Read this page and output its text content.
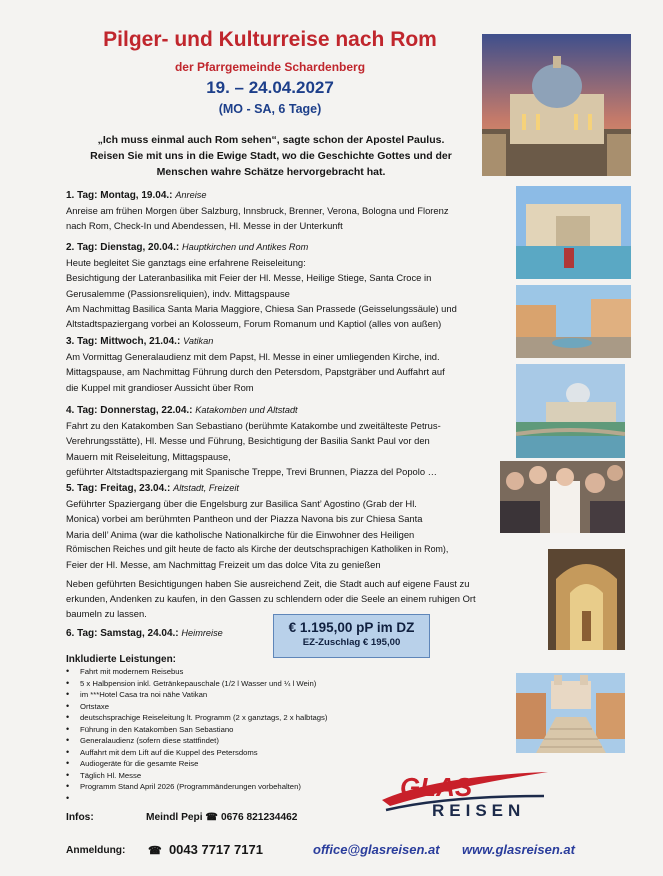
Pilger- und Kulturreise nach Rom
der Pfarrgemeinde Schardenberg
19. – 24.04.2027
(MO - SA, 6 Tage)
„Ich muss einmal auch Rom sehen“, sagte schon der Apostel Paulus.
Reisen Sie mit uns in die Ewige Stadt, wo die Geschichte Gottes und der
Menschen wahre Schätze hervorgebracht hat.
1. Tag: Montag, 19.04.: Anreise

Anreise am frühen Morgen über Salzburg, Innsbruck, Brenner, Verona, Bologna und Florenz

nach Rom, Check-In und Abendessen, Hl. Messe in der Unterkunft

2. Tag: Dienstag, 20.04.: Hauptkirchen und Antikes Rom

Heute begleitet Sie ganztags eine erfahrene Reiseleitung:

Besichtigung der Lateranbasilika mit Feier der Hl. Messe, Heilige Stiege, Santa Croce in

Gerusalemme (Passionsreliquien), indv. Mittagspause

Am Nachmittag Basilica Santa Maria Maggiore, Chiesa San Prassede (Geisselungssäule) und

Altstadtspaziergang vorbei an Kolosseum, Forum Romanum und Kaptiol (alles von außen)

3. Tag: Mittwoch, 21.04.: Vatikan

Am Vormittag Generalaudienz mit dem Papst, Hl. Messe in einer umliegenden Kirche, ind.

Mittagspause, am Nachmittag Führung durch den Petersdom, Papstgräber und Auffahrt auf

die Kuppel mit grandioser Aussicht über Rom

4. Tag: Donnerstag, 22.04.: Katakomben und Altstadt

Fahrt zu den Katakomben San Sebastiano (berühmte Katakombe und zweitälteste Petrus-

Verehrungsstätte), Hl. Messe und Führung, Besichtigung der Basilia Sankt Paul vor den

Mauern mit Reiseleitung, Mittagspause,

geführter Altstadtspaziergang mit Spanische Treppe, Trevi Brunnen, Piazza del Popolo …

5. Tag: Freitag, 23.04.: Altstadt, Freizeit

Geführter Spaziergang über die Engelsburg zur Basilica Sant’ Agostino (Grab der Hl.

Monica) vorbei am berühmten Pantheon und der Piazza Navona bis zur Chiesa Santa

Maria dell’ Anima (war die katholische Nationalkirche für die Einwohner des Heiligen

Römischen Reiches und gilt heute de facto als Kirche der deutschsprachigen Katholiken in Rom),

Feier der Hl. Messe, am Nachmittag Freizeit um das dolce Vita zu genießen

Neben geführten Besichtigungen haben Sie ausreichend Zeit, die Stadt auch auf eigene Faust zu

erkunden, Andenken zu kaufen, in den Gassen zu schlendern oder die Seele an einem ruhigen Ort

baumeln zu lassen.

6. Tag: Samstag, 24.04.: Heimreise	€ 1.195,00 pP im DZ
EZ-Zuschlag € 195,00
Inkludierte Leistungen:
• Fahrt mit modernem Reisebus
• 5 x Halbpension inkl. Getränkepauschale (1/2 l Wasser und ¼ l Wein)
• im ***Hotel Casa tra noi nähe Vatikan
• Ortstaxe
• deutschsprachige Reiseleitung lt. Programm (2 x ganztags, 2 x halbtags)
• Führung in den Katakomben San Sebastiano
• Generalaudienz (sofern diese stattfindet)
• Auffahrt mit dem Lift auf die Kuppel des Petersdoms
• Audiogeräte für die gesamte Reise
• Täglich Hl. Messe
• Programm Stand April 2026 (Programmänderungen vorbehalten)
Infos:	Meindl Pepi ☎ 0676 821234462
Anmeldung: ☎ 0043 7717 7171	office@glasreisen.at www.glasreisen.at
GLAS
REISEN
